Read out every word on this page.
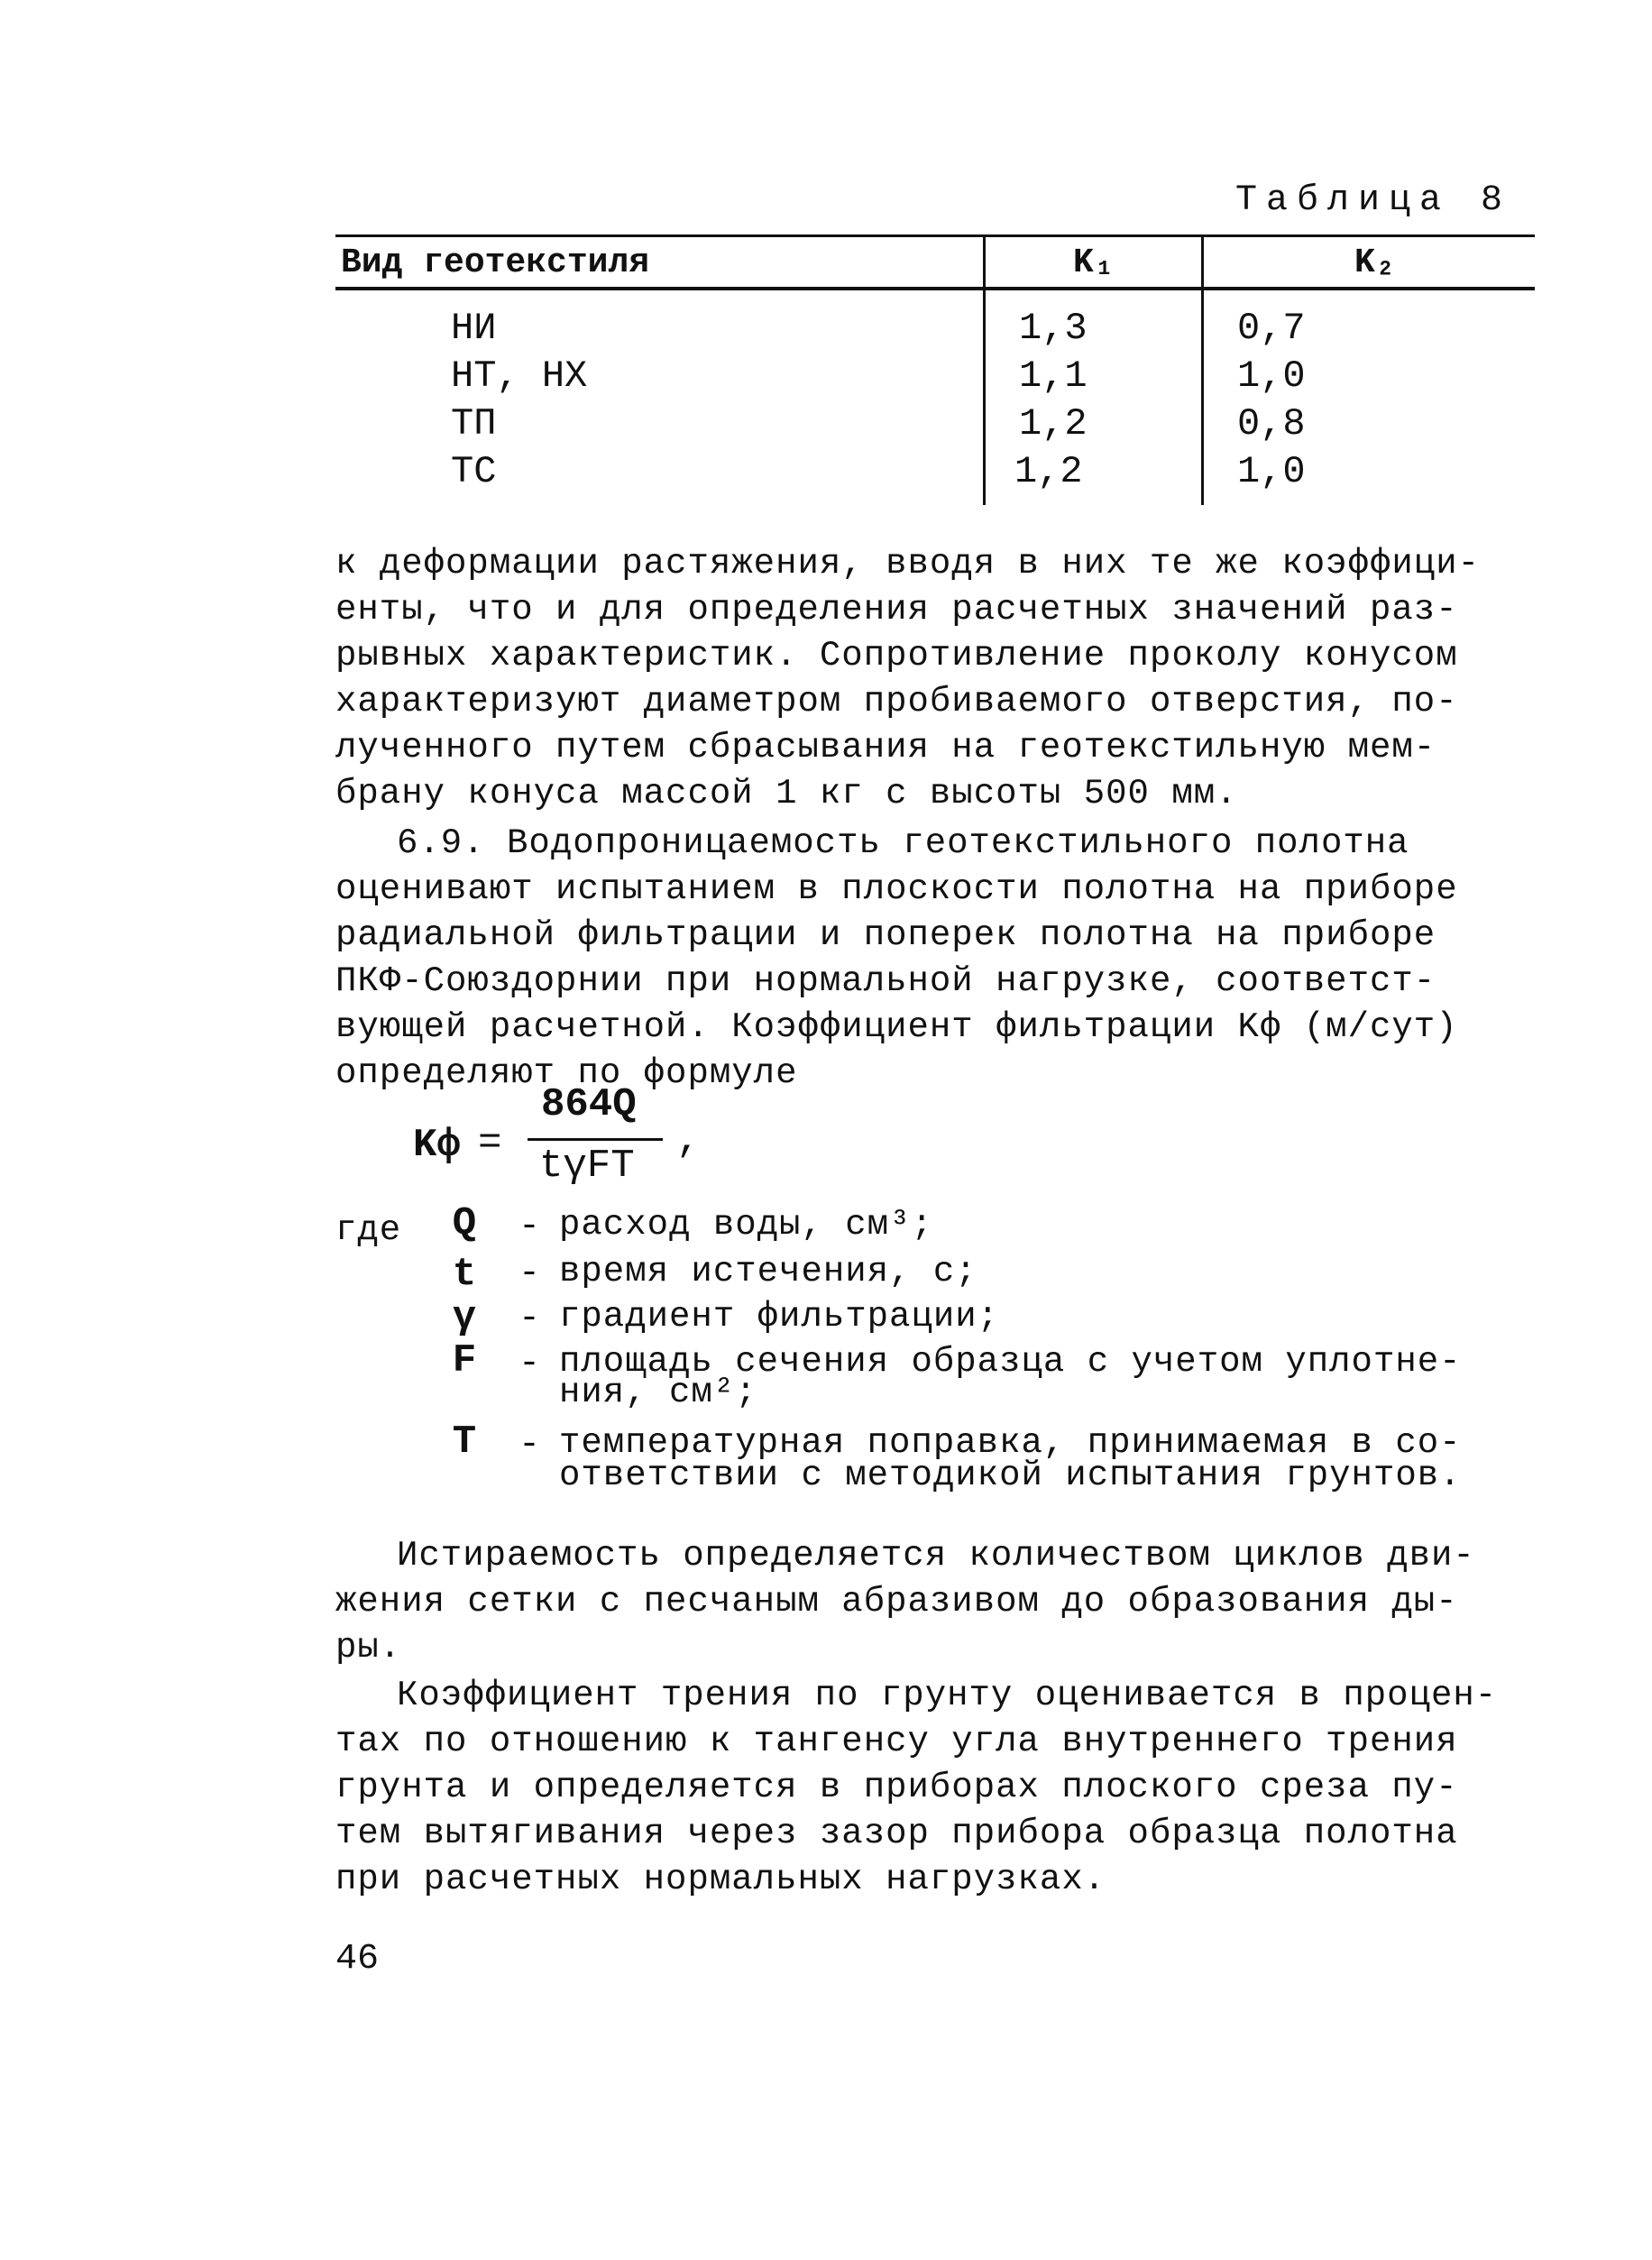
Таблица 8
Вид геотекстиля	K₁	K₂
НИ	1,3	0,7
НТ, НХ	1,1	1,0
ТП	1,2	0,8
ТС	1,2	1,0
к деформации растяжения, вводя в них те же коэффици-
енты, что и для определения расчетных значений раз-
рывных характеристик. Сопротивление проколу конусом
характеризуют диаметром пробиваемого отверстия, по-
лученного путем сбрасывания на геотекстильную мем-
брану конуса массой 1 кг с высоты 500 мм.
6.9. Водопроницаемость геотекстильного полотна
оценивают испытанием в плоскости полотна на приборе
радиальной фильтрации и поперек полотна на приборе
ПКФ-Союздорнии при нормальной нагрузке, соответст-
вующей расчетной. Коэффициент фильтрации Kф (м/сут)
определяют по формуле
Kф =
864Q
tγFT
,
где Q - расход воды, см³;
t - время истечения, с;
γ - градиент фильтрации;
F - площадь сечения образца с учетом уплотне-
ния, см²;
T - температурная поправка, принимаемая в со-
ответствии с методикой испытания грунтов.
Истираемость определяется количеством циклов дви-
жения сетки с песчаным абразивом до образования ды-
ры.
Коэффициент трения по грунту оценивается в процен-
тах по отношению к тангенсу угла внутреннего трения
грунта и определяется в приборах плоского среза пу-
тем вытягивания через зазор прибора образца полотна
при расчетных нормальных нагрузках.
46
